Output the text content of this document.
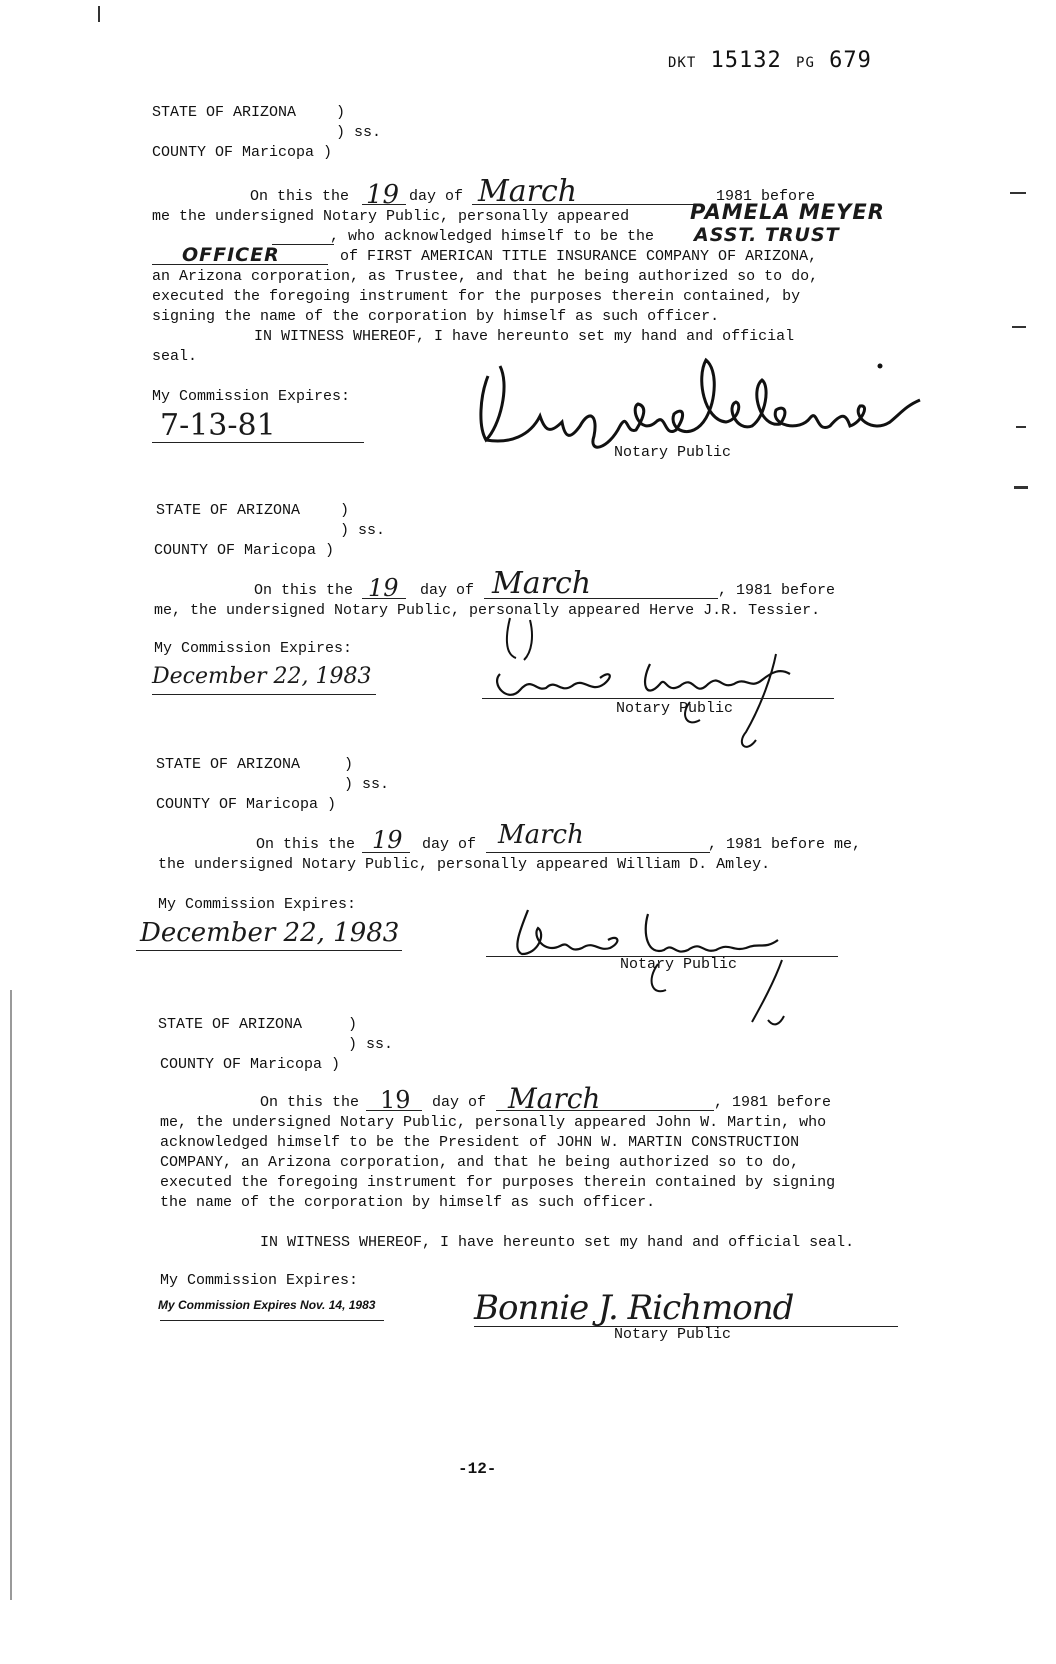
DKT 15132 PG 679
STATE OF ARIZONA	)
) ss.
COUNTY OF Maricopa )
On this the 19 day of March	1981 before
me the undersigned Notary Public, personally appeared	PAMELA MEYER
, who acknowledged himself to be the ASST. TRUST
OFFICER	of FIRST AMERICAN TITLE INSURANCE COMPANY OF ARIZONA,
an Arizona corporation, as Trustee, and that he being authorized so to do,
executed the foregoing instrument for the purposes therein contained, by
signing the name of the corporation by himself as such officer.
IN WITNESS WHEREOF, I have hereunto set my hand and official
seal.
My Commission Expires:
7-13-81
Notary Public
STATE OF ARIZONA	)
) ss.
COUNTY OF Maricopa )
On this the 19 day of March	, 1981 before
me, the undersigned Notary Public, personally appeared Herve J.R. Tessier.
My Commission Expires:
December 22, 1983
Notary Public
STATE OF ARIZONA	)
) ss.
COUNTY OF Maricopa )
On this the 19 day of March	, 1981 before me,
the undersigned Notary Public, personally appeared William D. Amley.
My Commission Expires:
December 22, 1983
Notary Public
STATE OF ARIZONA	)
) ss.
COUNTY OF Maricopa )
On this the 19 day of March	, 1981 before
me, the undersigned Notary Public, personally appeared John W. Martin, who
acknowledged himself to be the President of JOHN W. MARTIN CONSTRUCTION
COMPANY, an Arizona corporation, and that he being authorized so to do,
executed the foregoing instrument for purposes therein contained by signing
the name of the corporation by himself as such officer.
IN WITNESS WHEREOF, I have hereunto set my hand and official seal.
My Commission Expires:
My Commission Expires Nov. 14, 1983	Bonnie J. Richmond
Notary Public
-12-
